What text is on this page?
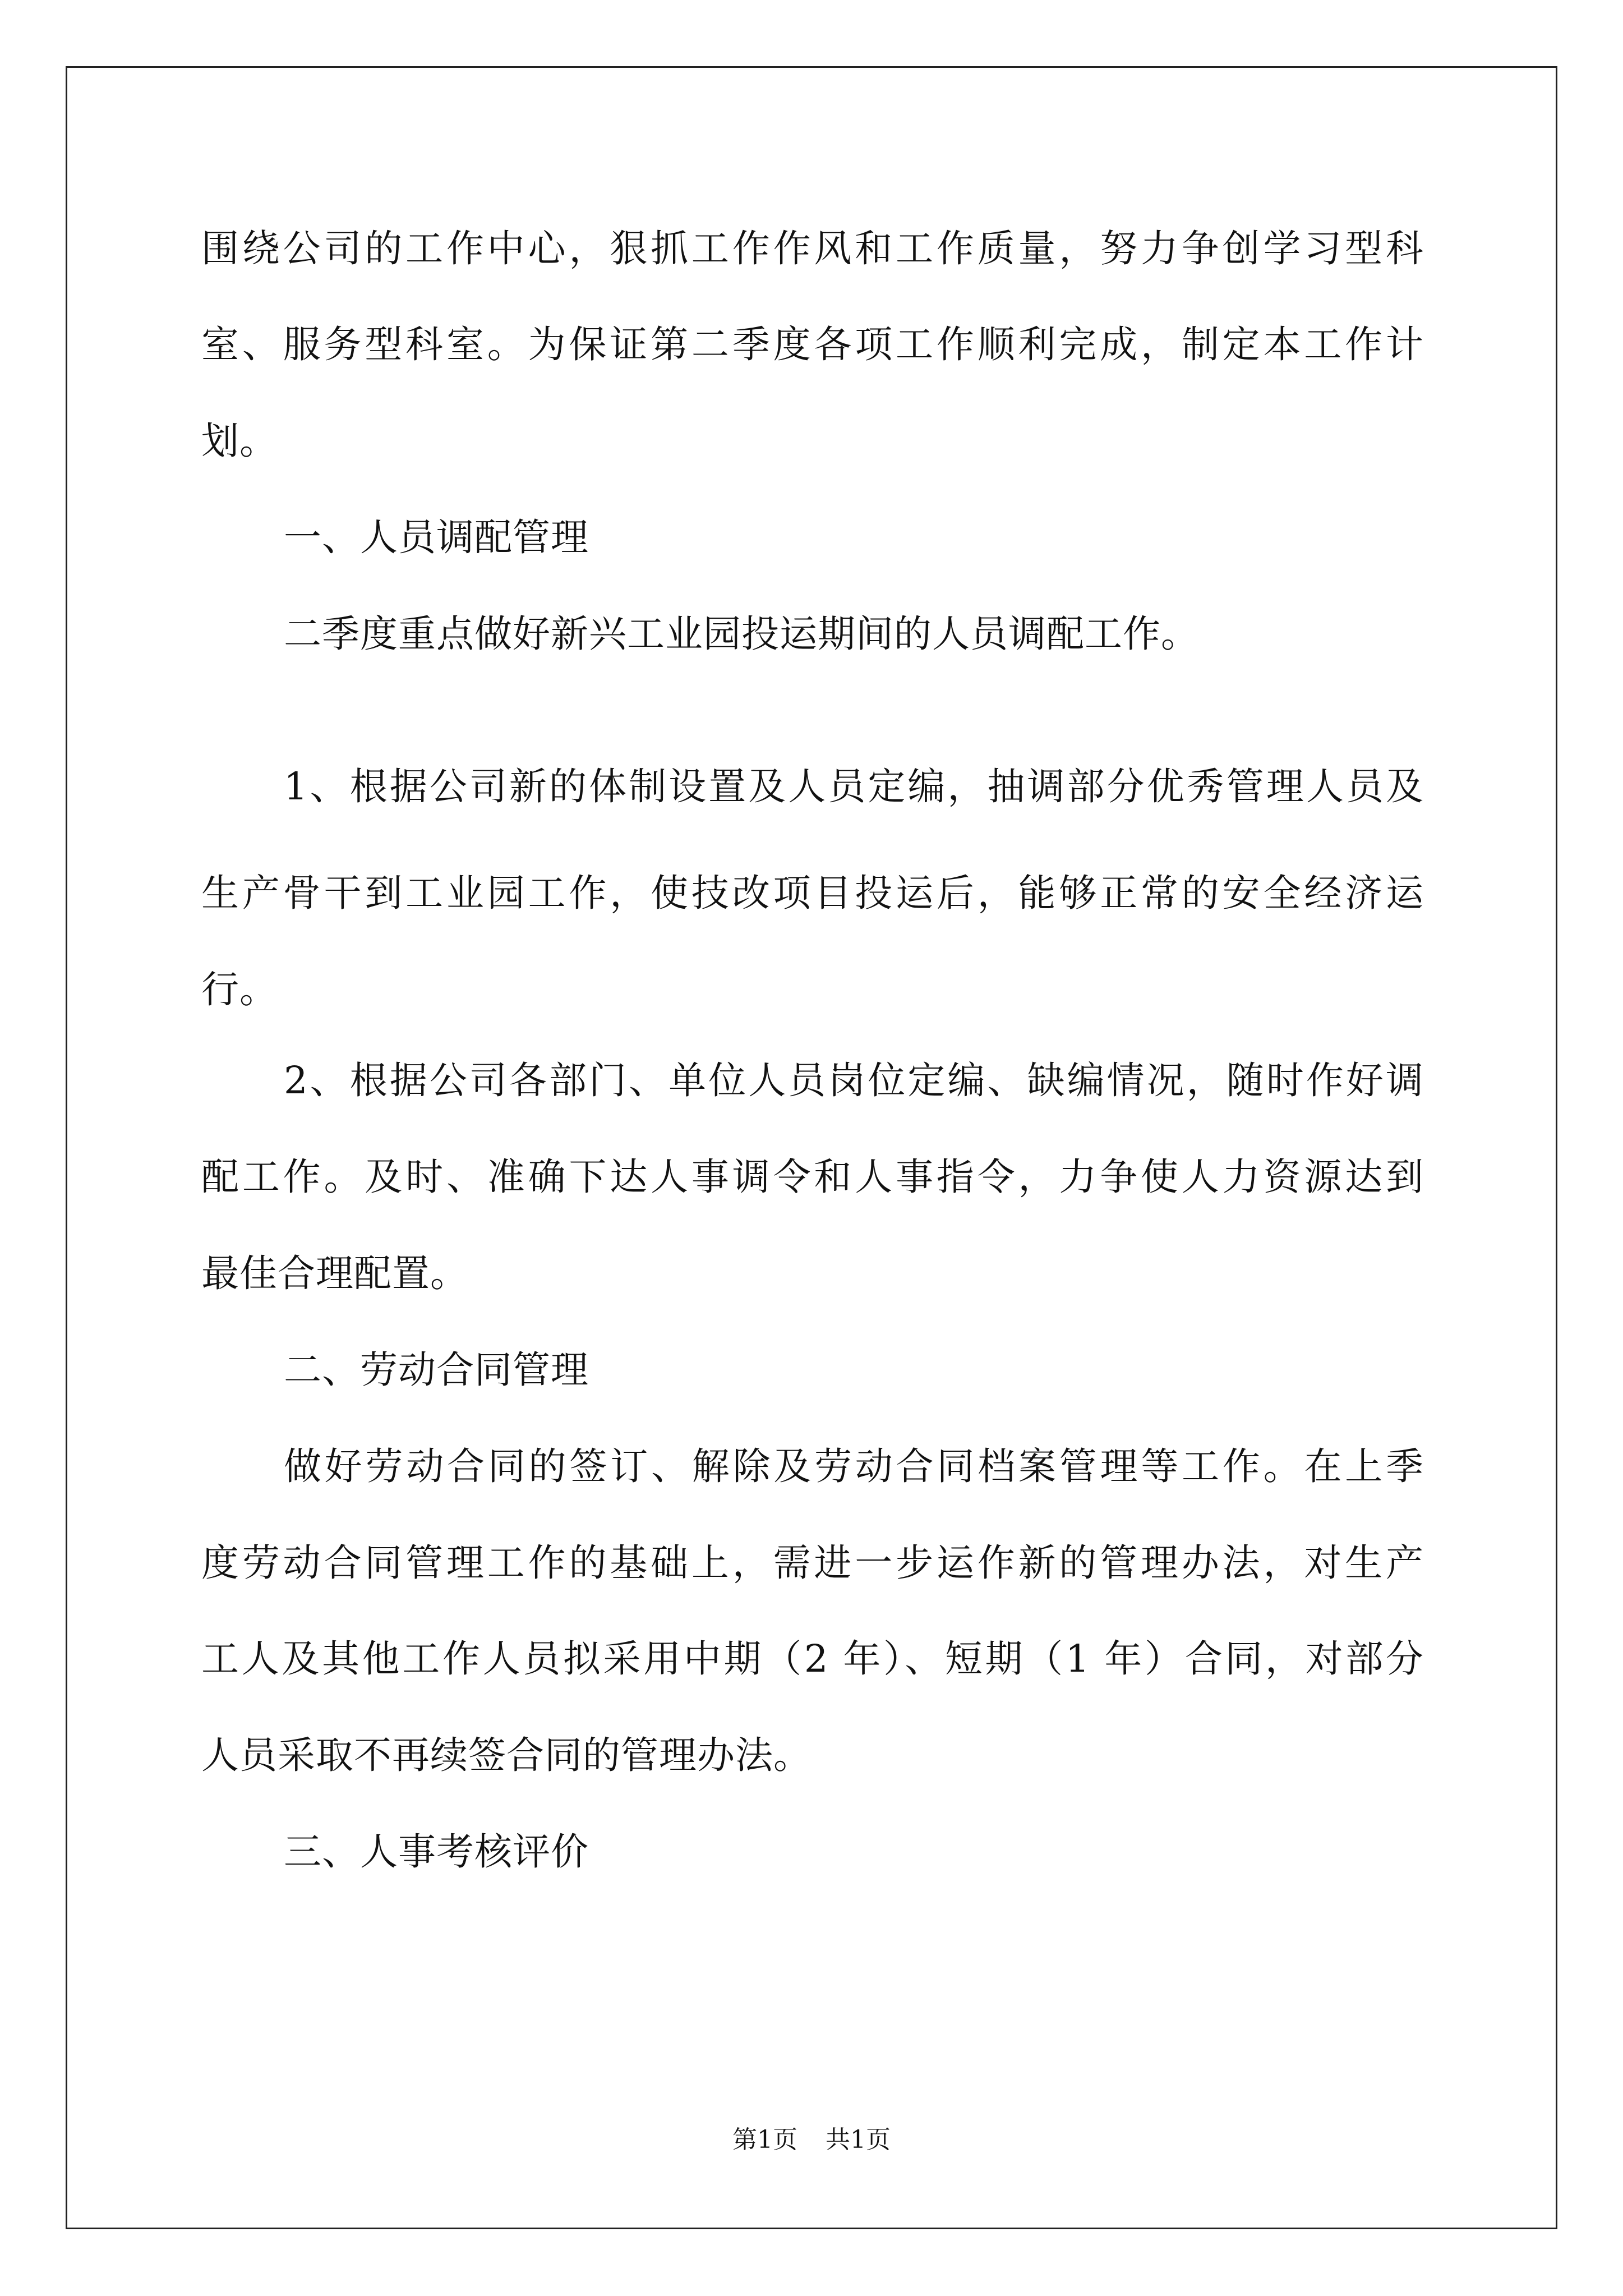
围绕公司的工作中心，狠抓工作作风和工作质量，努力争创学习型科
室、服务型科室。为保证第二季度各项工作顺利完成，制定本工作计
划。
一、人员调配管理
二季度重点做好新兴工业园投运期间的人员调配工作。
1、根据公司新的体制设置及人员定编，抽调部分优秀管理人员及
生产骨干到工业园工作，使技改项目投运后，能够正常的安全经济运
行。
2、根据公司各部门、单位人员岗位定编、缺编情况，随时作好调
配工作。及时、准确下达人事调令和人事指令，力争使人力资源达到
最佳合理配置。
二、劳动合同管理
做好劳动合同的签订、解除及劳动合同档案管理等工作。在上季
度劳动合同管理工作的基础上，需进一步运作新的管理办法，对生产
工人及其他工作人员拟采用中期（2 年）、短期（1 年）合同，对部分
人员采取不再续签合同的管理办法。
三、人事考核评价
第1页 共1页
